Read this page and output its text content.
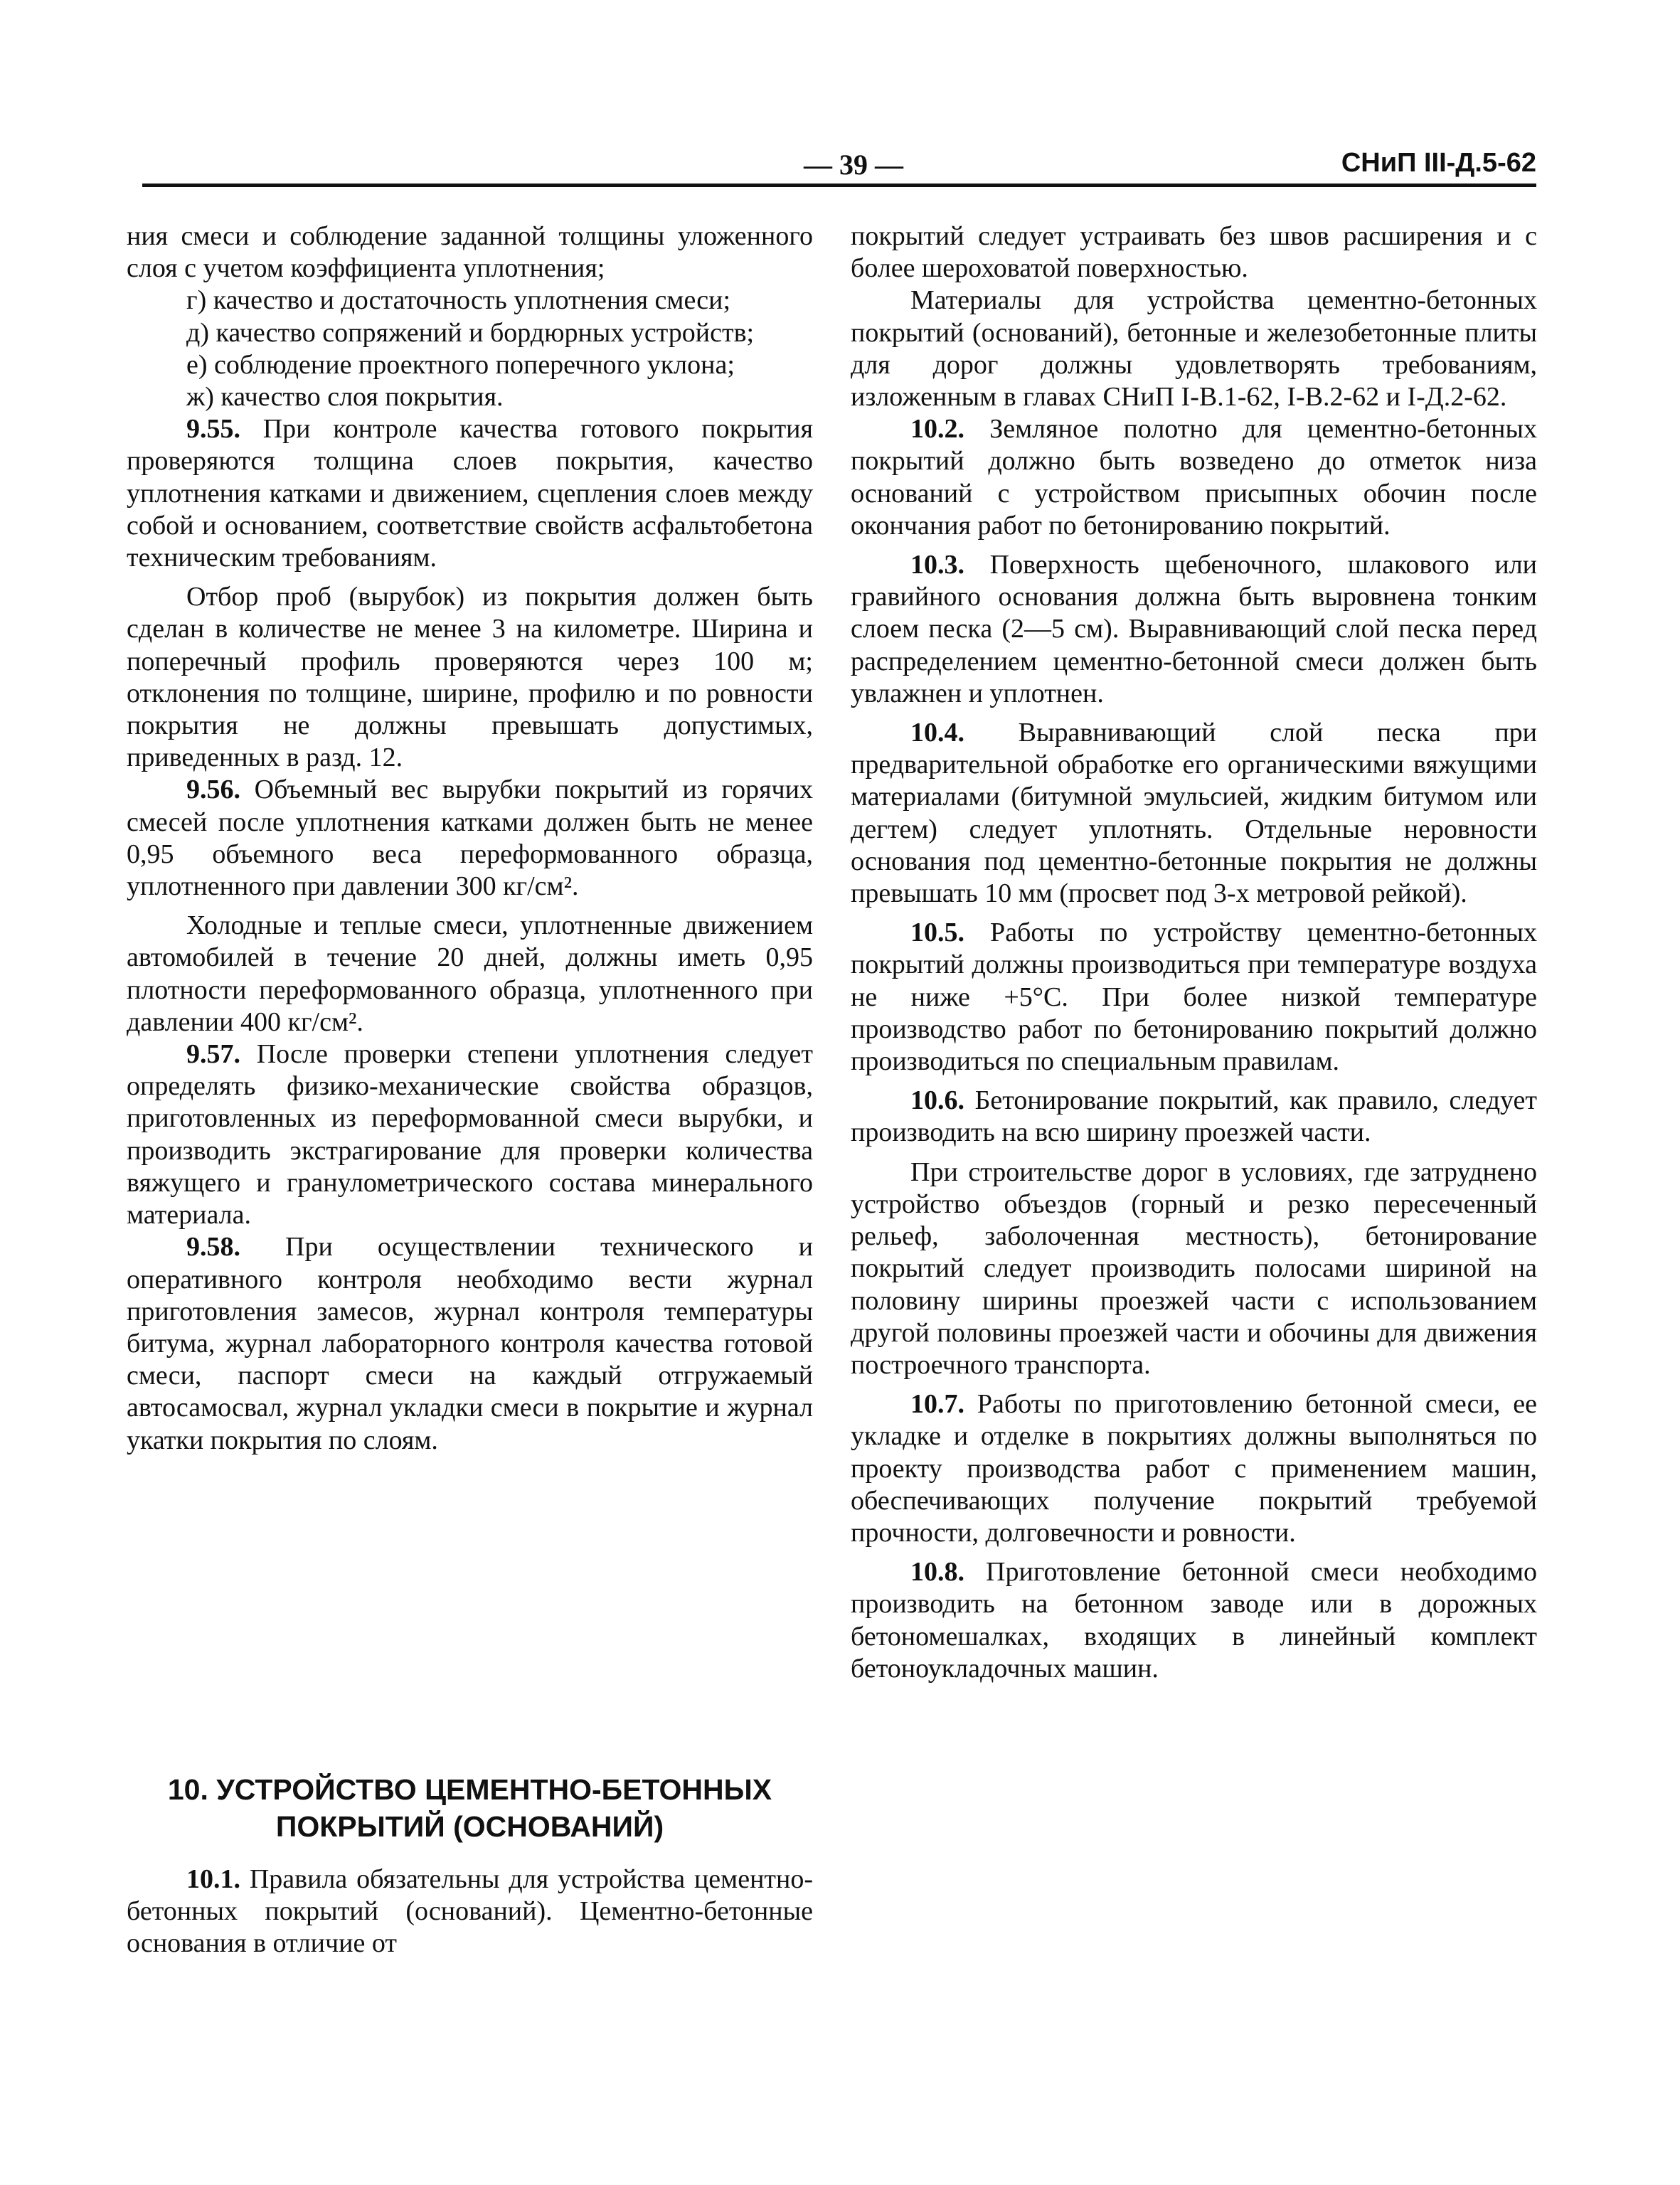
— 39 —	СНиП III-Д.5-62

ния смеси и соблюдение заданной толщины уложенного слоя с учетом коэффициента уплотнения;

г) качество и достаточность уплотнения смеси;

д) качество сопряжений и бордюрных устройств;

е) соблюдение проектного поперечного уклона;

ж) качество слоя покрытия.

9.55. При контроле качества готового покрытия проверяются толщина слоев покрытия, качество уплотнения катками и движением, сцепления слоев между собой и основанием, соответствие свойств асфальтобетона техническим требованиям.

Отбор проб (вырубок) из покрытия должен быть сделан в количестве не менее 3 на километре. Ширина и поперечный профиль проверяются через 100 м; отклонения по толщине, ширине, профилю и по ровности покрытия не должны превышать допустимых, приведенных в разд. 12.

9.56. Объемный вес вырубки покрытий из горячих смесей после уплотнения катками должен быть не менее 0,95 объемного веса переформованного образца, уплотненного при давлении 300 кг/см².

Холодные и теплые смеси, уплотненные движением автомобилей в течение 20 дней, должны иметь 0,95 плотности переформованного образца, уплотненного при давлении 400 кг/см².

9.57. После проверки степени уплотнения следует определять физико-механические свойства образцов, приготовленных из переформованной смеси вырубки, и производить экстрагирование для проверки количества вяжущего и гранулометрического состава минерального материала.

9.58. При осуществлении технического и оперативного контроля необходимо вести журнал приготовления замесов, журнал контроля температуры битума, журнал лабораторного контроля качества готовой смеси, паспорт смеси на каждый отгружаемый автосамосвал, журнал укладки смеси в покрытие и журнал укатки покрытия по слоям.

10. УСТРОЙСТВО ЦЕМЕНТНО-БЕТОННЫХ
ПОКРЫТИЙ (ОСНОВАНИЙ)

10.1. Правила обязательны для устройства цементно-бетонных покрытий (оснований). Цементно-бетонные основания в отличие от

покрытий следует устраивать без швов расширения и с более шероховатой поверхностью.

Материалы для устройства цементно-бетонных покрытий (оснований), бетонные и железобетонные плиты для дорог должны удовлетворять требованиям, изложенным в главах СНиП I-В.1-62, I-В.2-62 и I-Д.2-62.

10.2. Земляное полотно для цементно-бетонных покрытий должно быть возведено до отметок низа оснований с устройством присыпных обочин после окончания работ по бетонированию покрытий.

10.3. Поверхность щебеночного, шлакового или гравийного основания должна быть выровнена тонким слоем песка (2—5 см). Выравнивающий слой песка перед распределением цементно-бетонной смеси должен быть увлажнен и уплотнен.

10.4. Выравнивающий слой песка при предварительной обработке его органическими вяжущими материалами (битумной эмульсией, жидким битумом или дегтем) следует уплотнять. Отдельные неровности основания под цементно-бетонные покрытия не должны превышать 10 мм (просвет под 3-х метровой рейкой).

10.5. Работы по устройству цементно-бетонных покрытий должны производиться при температуре воздуха не ниже +5°С. При более низкой температуре производство работ по бетонированию покрытий должно производиться по специальным правилам.

10.6. Бетонирование покрытий, как правило, следует производить на всю ширину проезжей части.

При строительстве дорог в условиях, где затруднено устройство объездов (горный и резко пересеченный рельеф, заболоченная местность), бетонирование покрытий следует производить полосами шириной на половину ширины проезжей части с использованием другой половины проезжей части и обочины для движения построечного транспорта.

10.7. Работы по приготовлению бетонной смеси, ее укладке и отделке в покрытиях должны выполняться по проекту производства работ с применением машин, обеспечивающих получение покрытий требуемой прочности, долговечности и ровности.

10.8. Приготовление бетонной смеси необходимо производить на бетонном заводе или в дорожных бетономешалках, входящих в линейный комплект бетоноукладочных машин.
